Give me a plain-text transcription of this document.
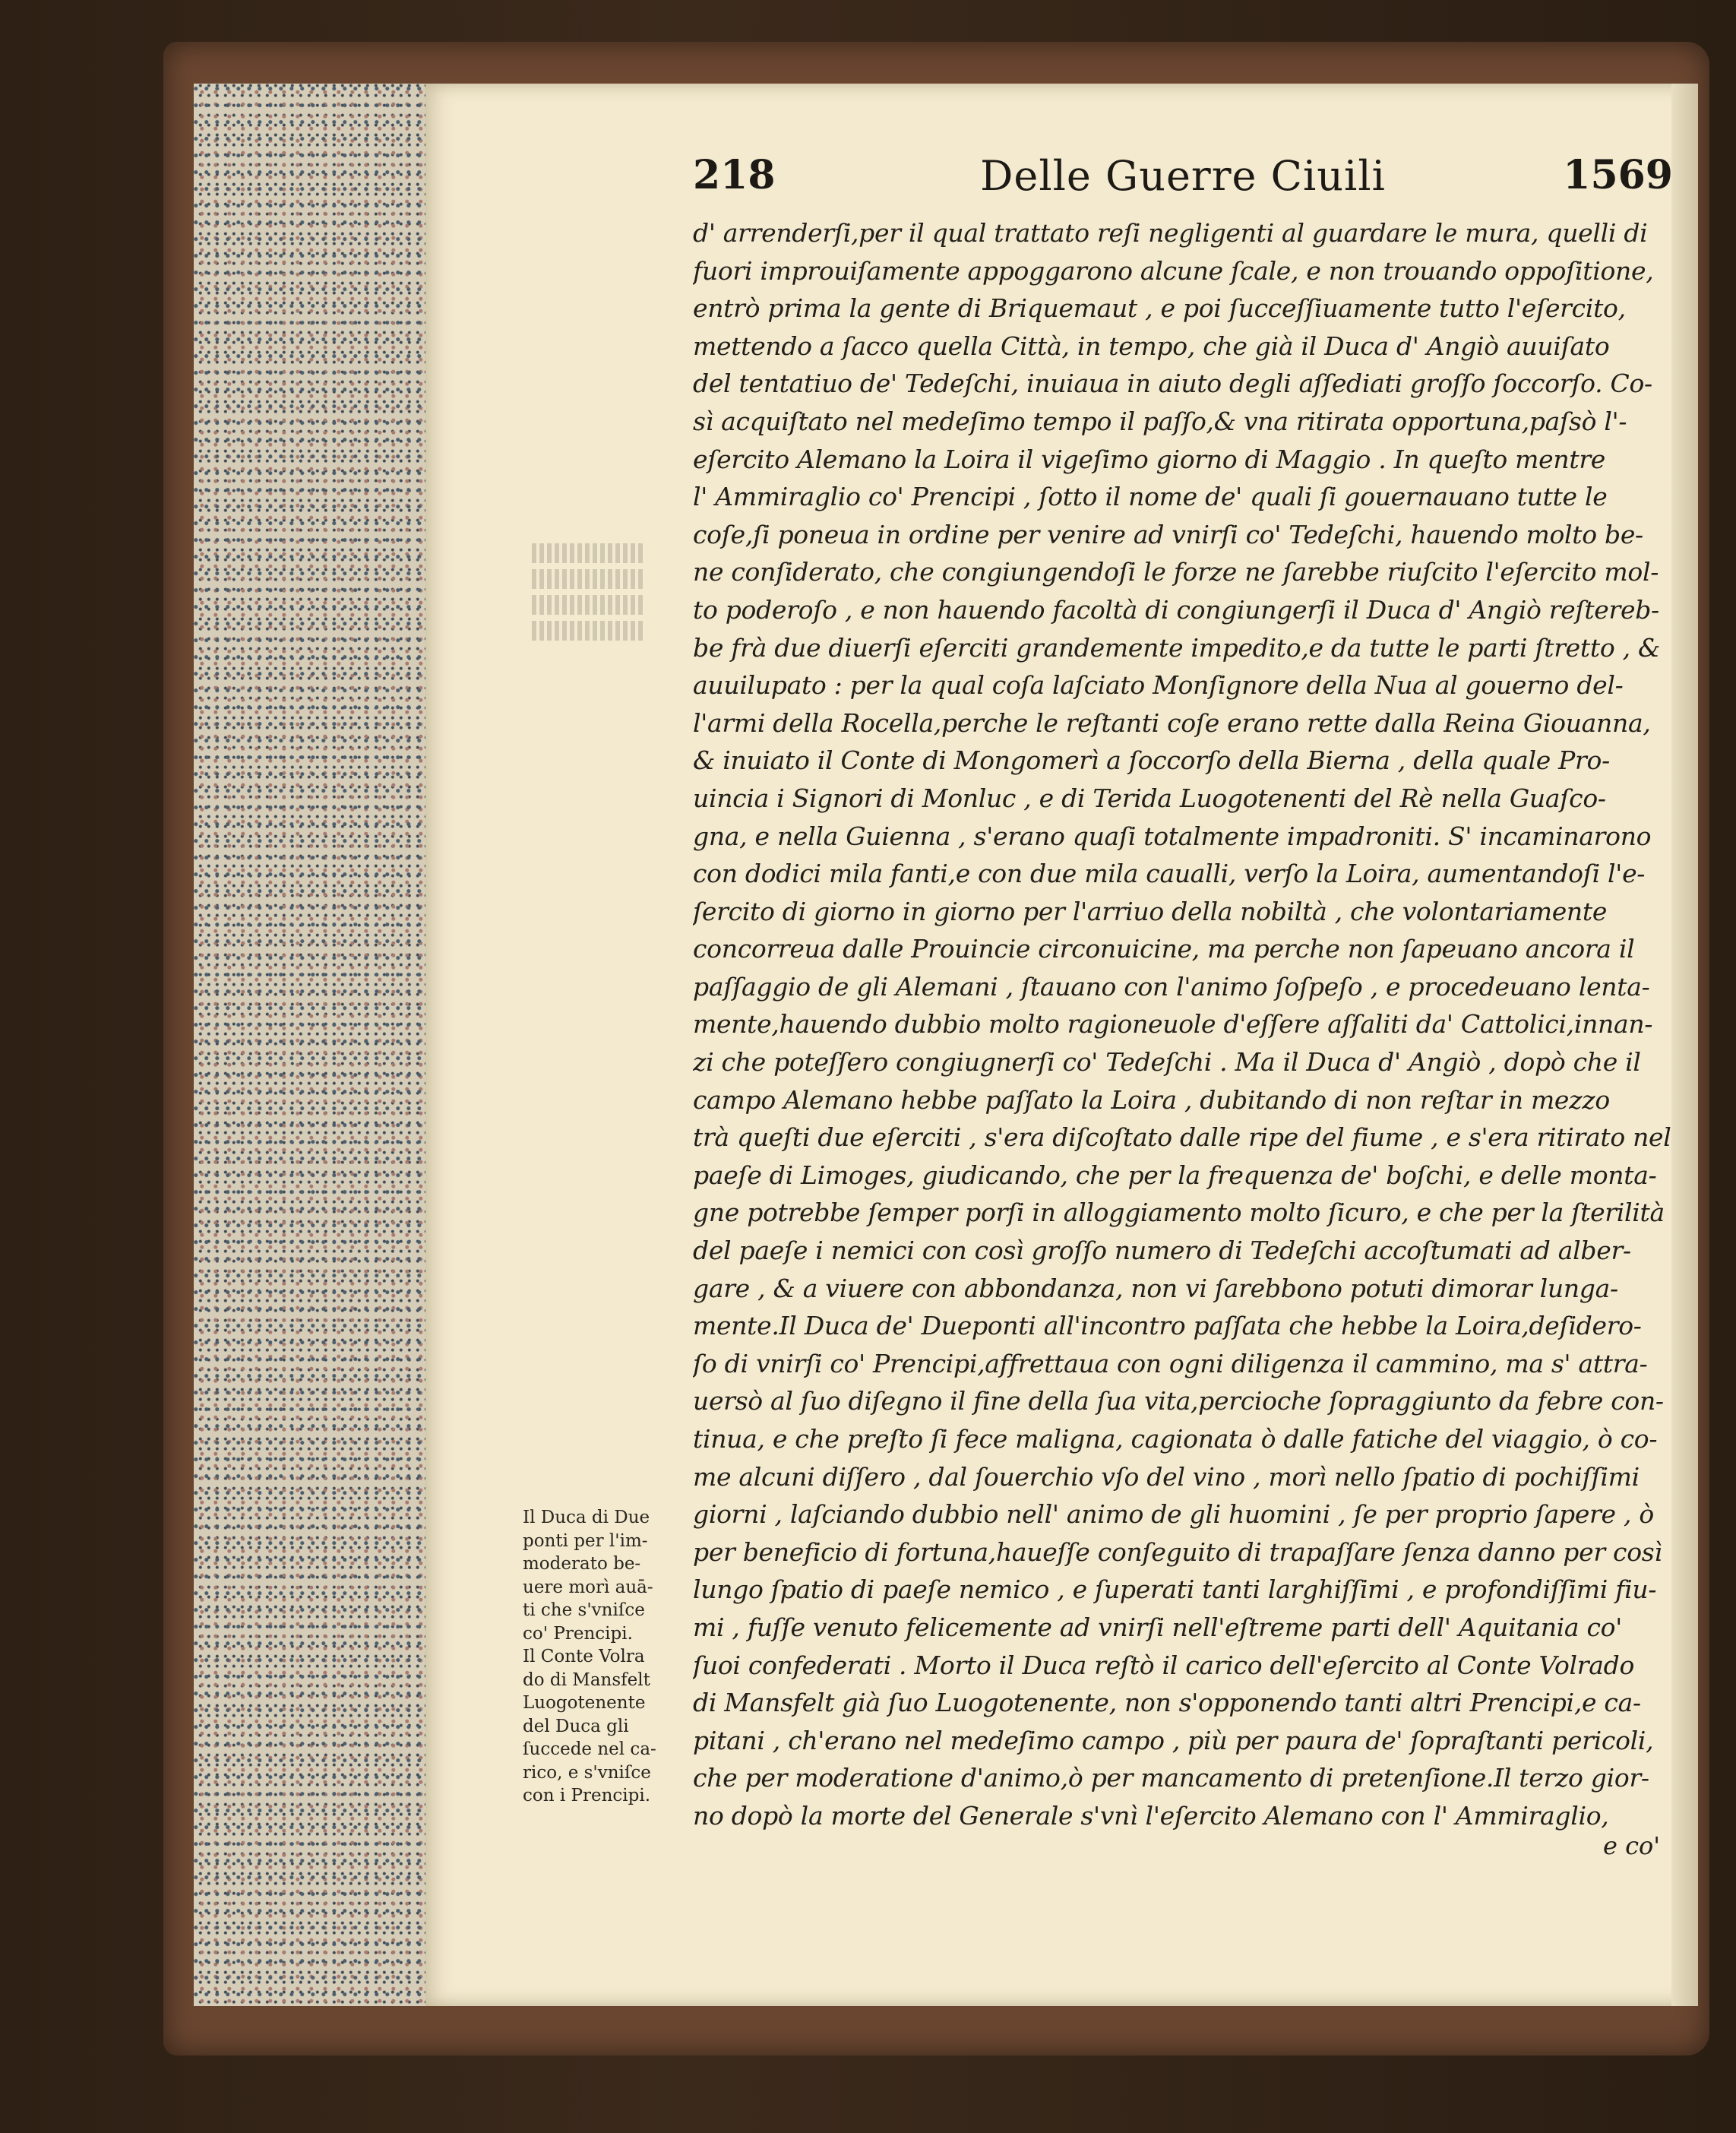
218	Delle Guerre Ciuili	1569
d' arrenderſi,per il qual trattato reſi negligenti al guardare le mura, quelli di
fuori improuiſamente appoggarono alcune ſcale, e non trouando oppoſitione,
entrò prima la gente di Briquemaut , e poi ſucceſſiuamente tutto l'eſercito,
mettendo a ſacco quella Città, in tempo, che già il Duca d' Angiò auuiſato
del tentatiuo de' Tedeſchi, inuiaua in aiuto degli aſſediati groſſo ſoccorſo. Co-
sì acquiſtato nel medeſimo tempo il paſſo,& vna ritirata opportuna,paſsò l'-
eſercito Alemano la Loira il vigeſimo giorno di Maggio . In queſto mentre
l' Ammiraglio co' Prencipi , ſotto il nome de' quali ſi gouernauano tutte le
coſe,ſi poneua in ordine per venire ad vnirſi co' Tedeſchi, hauendo molto be-
ne conſiderato, che congiungendoſi le forze ne ſarebbe riuſcito l'eſercito mol-
to poderoſo , e non hauendo facoltà di congiungerſi il Duca d' Angiò reſtereb-
be frà due diuerſi eſerciti grandemente impedito,e da tutte le parti ſtretto , &
auuilupato : per la qual coſa laſciato Monſignore della Nua al gouerno del-
l'armi della Rocella,perche le reſtanti coſe erano rette dalla Reina Giouanna,
& inuiato il Conte di Mongomerì a ſoccorſo della Bierna , della quale Pro-
uincia i Signori di Monluc , e di Terida Luogotenenti del Rè nella Guaſco-
gna, e nella Guienna , s'erano quaſi totalmente impadroniti. S' incaminarono
con dodici mila fanti,e con due mila caualli, verſo la Loira, aumentandoſi l'e-
ſercito di giorno in giorno per l'arriuo della nobiltà , che volontariamente
concorreua dalle Prouincie circonuicine, ma perche non ſapeuano ancora il
paſſaggio de gli Alemani , ſtauano con l'animo ſoſpeſo , e procedeuano lenta-
mente,hauendo dubbio molto ragioneuole d'eſſere aſſaliti da' Cattolici,innan-
zi che poteſſero congiugnerſi co' Tedeſchi . Ma il Duca d' Angiò , dopò che il
campo Alemano hebbe paſſato la Loira , dubitando di non reſtar in mezzo
trà queſti due eſerciti , s'era diſcoſtato dalle ripe del fiume , e s'era ritirato nel
paeſe di Limoges, giudicando, che per la frequenza de' boſchi, e delle monta-
gne potrebbe ſemper porſi in alloggiamento molto ſicuro, e che per la ſterilità
del paeſe i nemici con così groſſo numero di Tedeſchi accoſtumati ad alber-
gare , & a viuere con abbondanza, non vi ſarebbono potuti dimorar lunga-
mente.Il Duca de' Dueponti all'incontro paſſata che hebbe la Loira,deſidero-
ſo di vnirſi co' Prencipi,affrettaua con ogni diligenza il cammino, ma s' attra-
uersò al ſuo diſegno il fine della ſua vita,percioche ſopraggiunto da febre con-
tinua, e che preſto ſi fece maligna, cagionata ò dalle fatiche del viaggio, ò co-
me alcuni diſſero , dal ſouerchio vſo del vino , morì nello ſpatio di pochiſſimi
giorni , laſciando dubbio nell' animo de gli huomini , ſe per proprio ſapere , ò
per beneficio di fortuna,haueſſe conſeguito di trapaſſare ſenza danno per così
lungo ſpatio di paeſe nemico , e ſuperati tanti larghiſſimi , e profondiſſimi fiu-
mi , fuſſe venuto felicemente ad vnirſi nell'eſtreme parti dell' Aquitania co'
ſuoi confederati . Morto il Duca reſtò il carico dell'eſercito al Conte Volrado
di Mansfelt già ſuo Luogotenente, non s'opponendo tanti altri Prencipi,e ca-
pitani , ch'erano nel medeſimo campo , più per paura de' ſopraſtanti pericoli,
che per moderatione d'animo,ò per mancamento di pretenſione.Il terzo gior-
no dopò la morte del Generale s'vnì l'eſercito Alemano con l' Ammiraglio,
Il Duca di Due
ponti per l'im-
moderato be-
uere morì auā-
ti che s'vniſce
co' Prencipi.
Il Conte Volra
do di Mansfelt
Luogotenente
del Duca gli
ſuccede nel ca-
rico, e s'vniſce
con i Prencipi.
e co'
